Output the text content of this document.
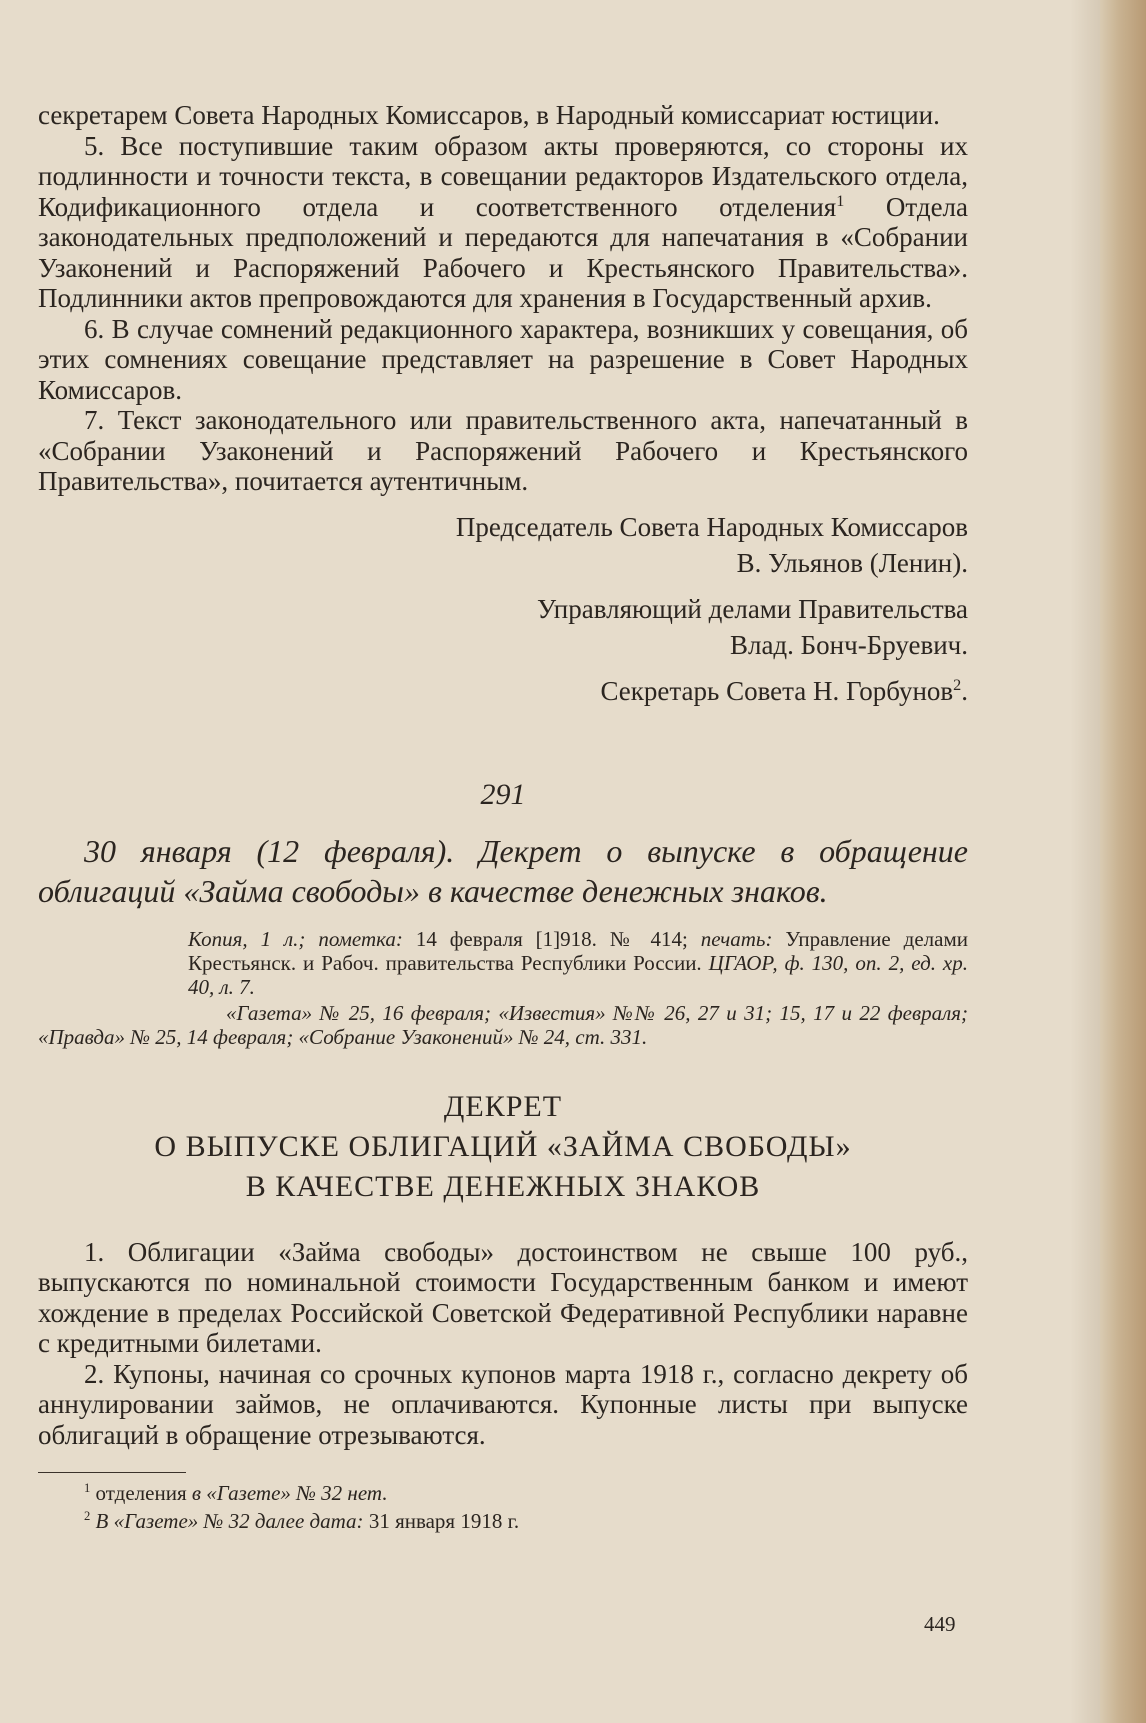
секретарем Совета Народных Комиссаров, в Народный комиссариат юстиции.

5. Все поступившие таким образом акты проверяются, со стороны их подлинности и точности текста, в совещании редакторов Издательского отдела, Кодификационного отдела и соответственного отделения$^1$ Отдела законодательных предположений и передаются для напечатания в «Собрании Узаконений и Распоряжений Рабочего и Крестьянского Правительства». Подлинники актов препровождаются для хранения в Государственный архив.

6. В случае сомнений редакционного характера, возникших у совещания, об этих сомнениях совещание представляет на разрешение в Совет Народных Комиссаров.

7. Текст законодательного или правительственного акта, напечатанный в «Собрании Узаконений и Распоряжений Рабочего и Крестьянского Правительства», почитается аутентичным.

Председатель Совета Народных Комиссаров
В. Ульянов (Ленин).
Управляющий делами Правительства
Влад. Бонч-Бруевич.
Секретарь Совета Н. Горбунов$^2$.
291

30 января (12 февраля). Декрет о выпуске в обращение облигаций «Займа свободы» в качестве денежных знаков.

Копия, 1 л.; пометка: 14 февраля [1]918. № 414; печать: Управление делами Крестьянск. и Рабоч. правительства Республики России. ЦГАОР, ф. 130, оп. 2, ед. хр. 40, л. 7.

«Газета» № 25, 16 февраля; «Известия» №№ 26, 27 и 31; 15, 17 и 22 февраля; «Правда» № 25, 14 февраля; «Собрание Узаконений» № 24, ст. 331.

ДЕКРЕТ
О ВЫПУСКЕ ОБЛИГАЦИЙ «ЗАЙМА СВОБОДЫ»
В КАЧЕСТВЕ ДЕНЕЖНЫХ ЗНАКОВ

1. Облигации «Займа свободы» достоинством не свыше 100 руб., выпускаются по номинальной стоимости Государственным банком и имеют хождение в пределах Российской Советской Федеративной Республики наравне с кредитными билетами.

2. Купоны, начиная со срочных купонов марта 1918 г., согласно декрету об аннулировании займов, не оплачиваются. Купонные листы при выпуске облигаций в обращение отрезываются.

$^1$ отделения в «Газете» № 32 нет.
$^2$ В «Газете» № 32 далее дата: 31 января 1918 г.
449
